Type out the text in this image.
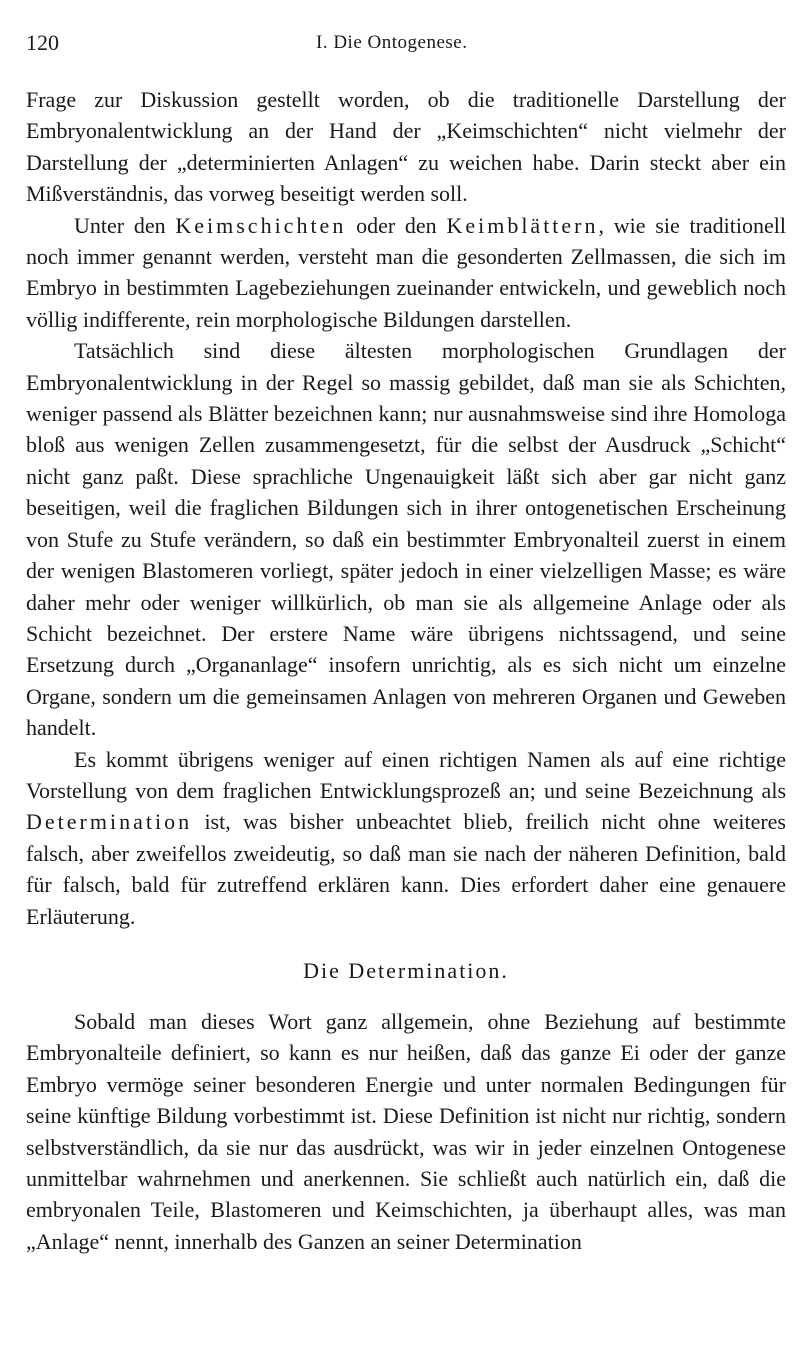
120	I. Die Ontogenese.

Frage zur Diskussion gestellt worden, ob die traditionelle Darstellung der Embryonalentwicklung an der Hand der „Keimschichten“ nicht vielmehr der Darstellung der „determinierten Anlagen“ zu weichen habe. Darin steckt aber ein Mißverständnis, das vorweg beseitigt werden soll.

Unter den Keimschichten oder den Keimblättern, wie sie traditionell noch immer genannt werden, versteht man die gesonderten Zellmassen, die sich im Embryo in bestimmten Lagebeziehungen zueinander entwickeln, und geweblich noch völlig indifferente, rein morphologische Bildungen darstellen.

Tatsächlich sind diese ältesten morphologischen Grundlagen der Embryonalentwicklung in der Regel so massig gebildet, daß man sie als Schichten, weniger passend als Blätter bezeichnen kann; nur ausnahmsweise sind ihre Homologa bloß aus wenigen Zellen zusammengesetzt, für die selbst der Ausdruck „Schicht“ nicht ganz paßt. Diese sprachliche Ungenauigkeit läßt sich aber gar nicht ganz beseitigen, weil die fraglichen Bildungen sich in ihrer ontogenetischen Erscheinung von Stufe zu Stufe verändern, so daß ein bestimmter Embryonalteil zuerst in einem der wenigen Blastomeren vorliegt, später jedoch in einer vielzelligen Masse; es wäre daher mehr oder weniger willkürlich, ob man sie als allgemeine Anlage oder als Schicht bezeichnet. Der erstere Name wäre übrigens nichtssagend, und seine Ersetzung durch „Organanlage“ insofern unrichtig, als es sich nicht um einzelne Organe, sondern um die gemeinsamen Anlagen von mehreren Organen und Geweben handelt.

Es kommt übrigens weniger auf einen richtigen Namen als auf eine richtige Vorstellung von dem fraglichen Entwicklungsprozeß an; und seine Bezeichnung als Determination ist, was bisher unbeachtet blieb, freilich nicht ohne weiteres falsch, aber zweifellos zweideutig, so daß man sie nach der näheren Definition, bald für falsch, bald für zutreffend erklären kann. Dies erfordert daher eine genauere Erläuterung.

Die Determination.

Sobald man dieses Wort ganz allgemein, ohne Beziehung auf bestimmte Embryonalteile definiert, so kann es nur heißen, daß das ganze Ei oder der ganze Embryo vermöge seiner besonderen Energie und unter normalen Bedingungen für seine künftige Bildung vorbestimmt ist. Diese Definition ist nicht nur richtig, sondern selbstverständlich, da sie nur das ausdrückt, was wir in jeder einzelnen Ontogenese unmittelbar wahrnehmen und anerkennen. Sie schließt auch natürlich ein, daß die embryonalen Teile, Blastomeren und Keimschichten, ja überhaupt alles, was man „Anlage“ nennt, innerhalb des Ganzen an seiner Determination
